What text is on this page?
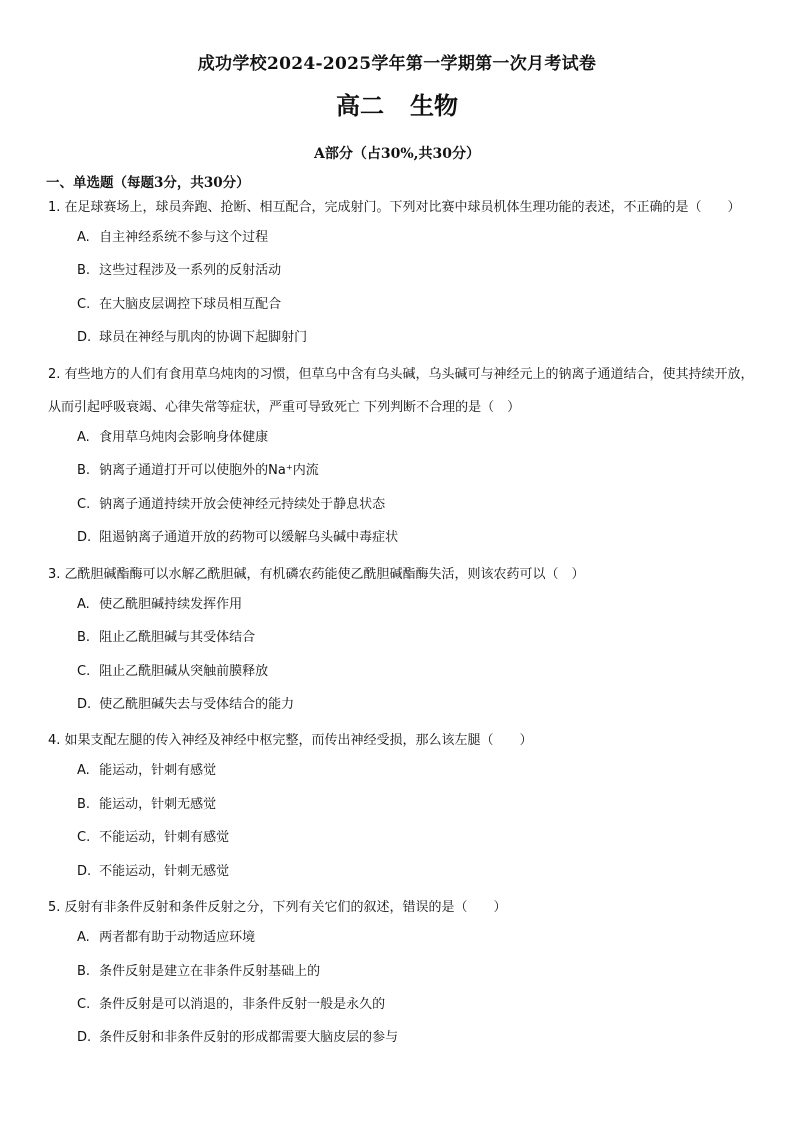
成功学校2024-2025学年第一学期第一次月考试卷
高二 生物
A部分（占30%,共30分）
一、单选题（每题3分，共30分）
1. 在足球赛场上，球员奔跑、抢断、相互配合，完成射门。下列对比赛中球员机体生理功能的表述，不正确的是（　　）
A. 自主神经系统不参与这个过程
B. 这些过程涉及一系列的反射活动
C. 在大脑皮层调控下球员相互配合
D. 球员在神经与肌肉的协调下起脚射门
2. 有些地方的人们有食用草乌炖肉的习惯，但草乌中含有乌头碱，乌头碱可与神经元上的钠离子通道结合，使其持续开放，从而引起呼吸衰竭、心律失常等症状，严重可导致死亡 下列判断不合理的是（　）
A. 食用草乌炖肉会影响身体健康
B. 钠离子通道打开可以使胞外的Na⁺内流
C. 钠离子通道持续开放会使神经元持续处于静息状态
D. 阻遏钠离子通道开放的药物可以缓解乌头碱中毒症状
3. 乙酰胆碱酯酶可以水解乙酰胆碱，有机磷农药能使乙酰胆碱酯酶失活，则该农药可以（　）
A. 使乙酰胆碱持续发挥作用
B. 阻止乙酰胆碱与其受体结合
C. 阻止乙酰胆碱从突触前膜释放
D. 使乙酰胆碱失去与受体结合的能力
4. 如果支配左腿的传入神经及神经中枢完整，而传出神经受损，那么该左腿（　　）
A. 能运动，针刺有感觉
B. 能运动，针刺无感觉
C. 不能运动，针刺有感觉
D. 不能运动，针刺无感觉
5. 反射有非条件反射和条件反射之分，下列有关它们的叙述，错误的是（　　）
A. 两者都有助于动物适应环境
B. 条件反射是建立在非条件反射基础上的
C. 条件反射是可以消退的，非条件反射一般是永久的
D. 条件反射和非条件反射的形成都需要大脑皮层的参与
